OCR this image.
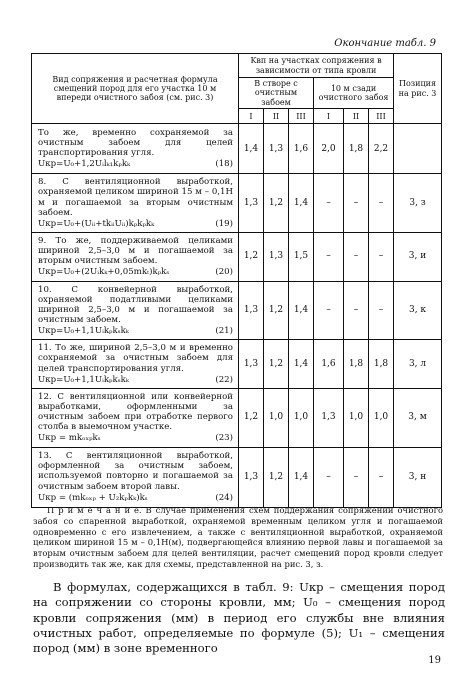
Окончание табл. 9
Вид сопряжения и расчетная формула смещений пород для его участка 10 м впереди очистного забоя (см. рис. 3)	Kвп на участках сопряжения в зависимости от типа кровли						Позиция на рис. 3
	В створе с очистным забоем			10 м сзади очистного забоя			
	I	II	III	I	II	III	

То же, временно сохраняемой за очистным забоем для целей транспортирования угля.
Uкр=U₀+1,2Uᵢlₖ₁kₚkₖ (18)	1,4	1,3	1,6	2,0	1,8	2,2	

8. С вентиляционной выработкой, охраняемой целиком шириной 15 м – 0,1H м и погашаемой за вторым очистным забоем.
Uкр=U₀+(Uᵢᵢ+tkᵢᵢUᵢᵢ)kₚkₚkₖ (19)	1,3	1,2	1,4	–	–	–	3, з

9. То же, поддерживаемой целиками шириной 2,5–3,0 м и погашаемой за вторым очистным забоем.
Uкр=U₀+(2Uᵢkₖ+0,05mkₜ)kₚkₛ (20)	1,2	1,3	1,5	–	–	–	3, и

10. С конвейерной выработкой, охраняемой податливыми целиками шириной 2,5–3,0 м и погашаемой за очистным забоем.
Uкр=U₀+1,1Uᵢkₚkₛkₖ (21)	1,3	1,2	1,4	–	–	–	3, к

11. То же, шириной 2,5–3,0 м и временно сохраняемой за очистным забоем для целей транспортирования угля.
Uкр=U₀+1,1Uᵢkₚkₛkₖ (22)	1,3	1,2	1,4	1,6	1,8	1,8	3, л

12. С вентиляционной или конвейерной выработками, оформленными за очистным забоем при отработке первого столба в выемочном участке.
Uкр = mkₒₓₚkₛ (23)	1,2	1,0	1,0	1,3	1,0	1,0	3, м

13. С вентиляционной выработкой, оформленной за очистным забоем, используемой повторно и погашаемой за очистным забоем второй лавы.
Uкр = (mkₒₓₚ + U₂kₚkₖ)kₛ (24)	1,3	1,2	1,4	–	–	–	3, н
П р и м е ч а н и е. В случае применения схем поддержания сопряжений очистного забоя со спаренной выработкой, охраняемой временным целиком угля и погашаемой одновременно с его извлечением, а также с вентиляционной выработкой, охраняемой целиком шириной 15 м – 0,1H(м), подвергающейся влиянию первой лавы и погашаемой за вторым очистным забоем для целей вентиляции, расчет смещений пород кровли следует производить так же, как для схемы, представленной на рис. 3, з.
В формулах, содержащихся в табл. 9: Uкр – смещения пород на сопряжении со стороны кровли, мм; U₀ – смещения пород кровли сопряжения (мм) в период его службы вне влияния очистных работ, определяемые по формуле (5); U₁ – смещения пород (мм) в зоне временного
19
